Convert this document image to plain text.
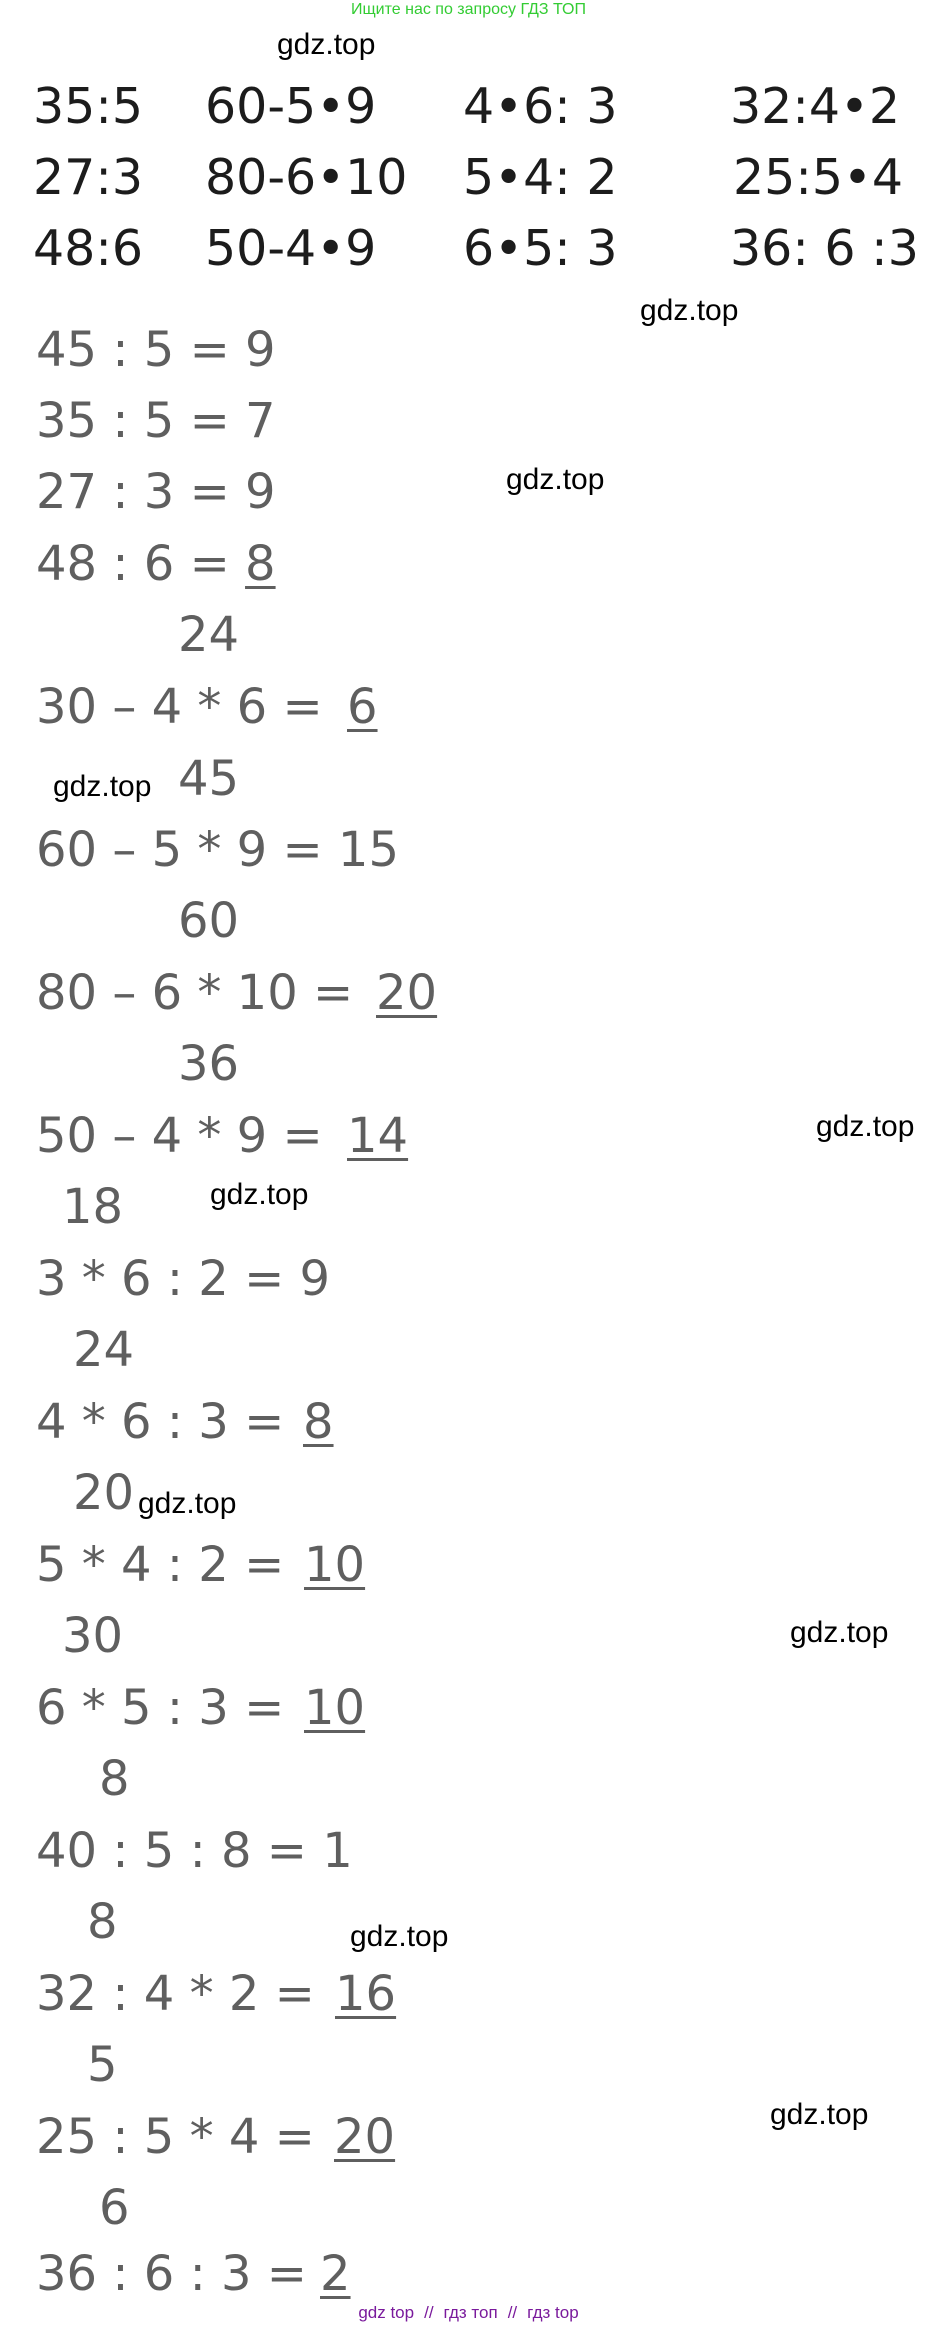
Ищите нас по запросу ГДЗ ТОП
gdz.top
gdz.top
gdz.top
gdz.top
gdz.top
gdz.top
gdz.top
gdz.top
gdz.top
gdz.top
35:5 60-5•9 4•6: 3 32:4•2
27:3 80-6•10 5•4: 2 25:5•4
48:6 50-4•9 6•5: 3 36: 6 :3
45 : 5 = 9
35 : 5 = 7
27 : 3 = 9
48 : 6 = 8
24
30 – 4 * 6 = 6
45
60 – 5 * 9 = 15
60
80 – 6 * 10 = 20
36
50 – 4 * 9 = 14
18
3 * 6 : 2 = 9
24
4 * 6 : 3 = 8
20
5 * 4 : 2 = 10
30
6 * 5 : 3 = 10
8
40 : 5 : 8 = 1
8
32 : 4 * 2 = 16
5
25 : 5 * 4 = 20
6
36 : 6 : 3 = 2
gdz top // гдз топ // гдз top
